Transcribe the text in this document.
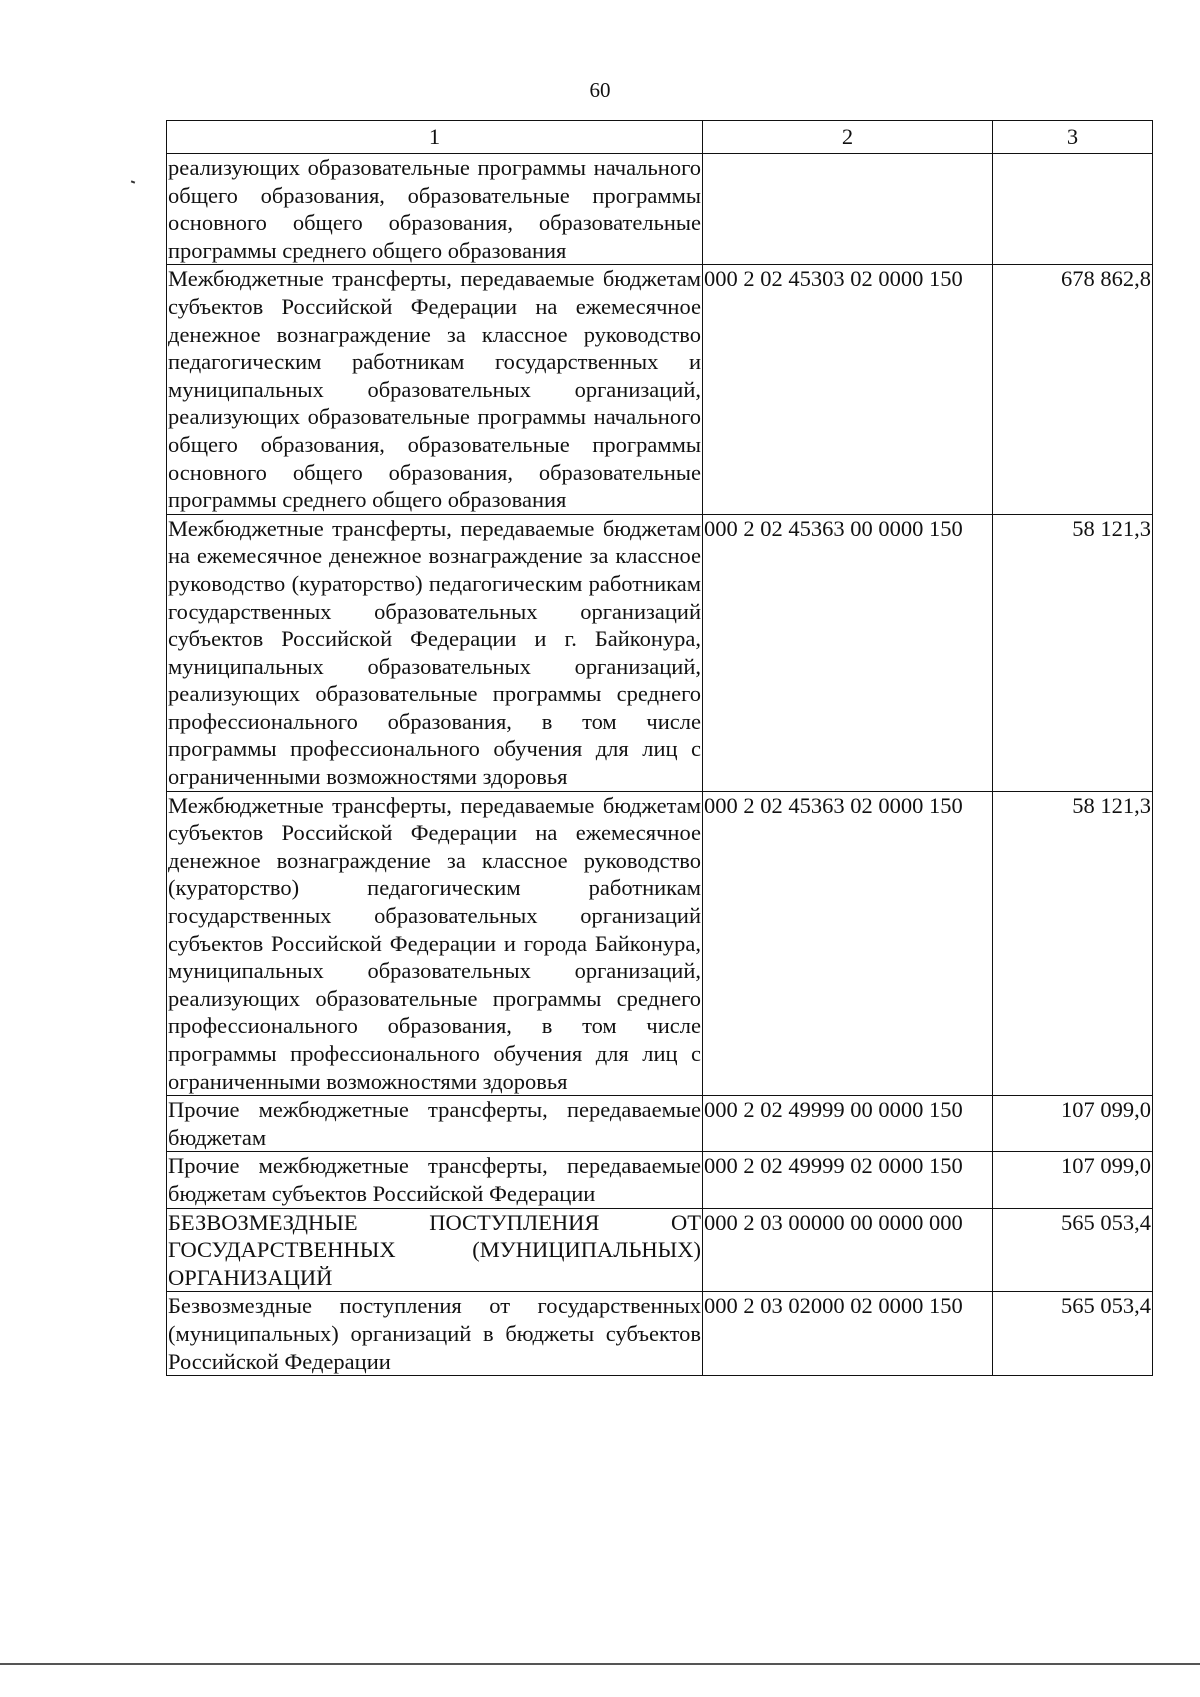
60
1	2	3
реализующих образовательные программы начального общего образования, образовательные программы основного общего образования, образовательные программы среднего общего образования		
Межбюджетные трансферты, передаваемые бюджетам субъектов Российской Федерации на ежемесячное денежное вознаграждение за классное руководство педагогическим работникам государственных и муниципальных образовательных организаций, реализующих образовательные программы начального общего образования, образовательные программы основного общего образования, образовательные программы среднего общего образования	000 2 02 45303 02 0000 150	678 862,8
Межбюджетные трансферты, передаваемые бюджетам на ежемесячное денежное вознаграждение за классное руководство (кураторство) педагогическим работникам государственных образовательных организаций субъектов Российской Федерации и г. Байконура, муниципальных образовательных организаций, реализующих образовательные программы среднего профессионального образования, в том числе программы профессионального обучения для лиц с ограниченными возможностями здоровья	000 2 02 45363 00 0000 150	58 121,3
Межбюджетные трансферты, передаваемые бюджетам субъектов Российской Федерации на ежемесячное денежное вознаграждение за классное руководство (кураторство) педагогическим работникам государственных образовательных организаций субъектов Российской Федерации и города Байконура, муниципальных образовательных организаций, реализующих образовательные программы среднего профессионального образования, в том числе программы профессионального обучения для лиц с ограниченными возможностями здоровья	000 2 02 45363 02 0000 150	58 121,3
Прочие межбюджетные трансферты, передаваемые бюджетам	000 2 02 49999 00 0000 150	107 099,0
Прочие межбюджетные трансферты, передаваемые бюджетам субъектов Российской Федерации	000 2 02 49999 02 0000 150	107 099,0
БЕЗВОЗМЕЗДНЫЕ ПОСТУПЛЕНИЯ ОТ ГОСУДАРСТВЕННЫХ (МУНИЦИПАЛЬНЫХ) ОРГАНИЗАЦИЙ	000 2 03 00000 00 0000 000	565 053,4
Безвозмездные поступления от государственных (муниципальных) организаций в бюджеты субъектов Российской Федерации	000 2 03 02000 02 0000 150	565 053,4
